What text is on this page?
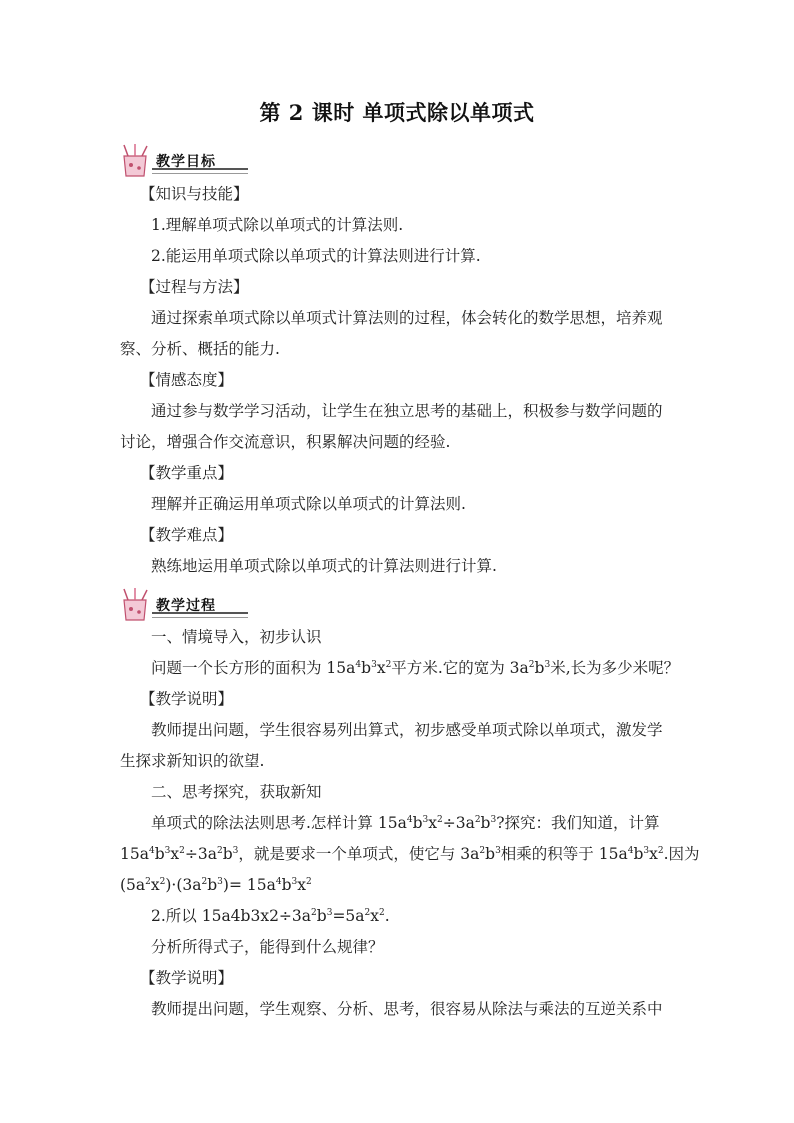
第 2 课时 单项式除以单项式
教学目标
【知识与技能】
1.理解单项式除以单项式的计算法则.
2.能运用单项式除以单项式的计算法则进行计算.
【过程与方法】
通过探索单项式除以单项式计算法则的过程，体会转化的数学思想，培养观
察、分析、概括的能力.
【情感态度】
通过参与数学学习活动，让学生在独立思考的基础上，积极参与数学问题的
讨论，增强合作交流意识，积累解决问题的经验.
【教学重点】
理解并正确运用单项式除以单项式的计算法则.
【教学难点】
熟练地运用单项式除以单项式的计算法则进行计算.
教学过程
一、情境导入，初步认识
问题一个长方形的面积为 $15a^4b^3x^2$平方米.它的宽为 $3a^2b^3$米,长为多少米呢？
【教学说明】
教师提出问题，学生很容易列出算式，初步感受单项式除以单项式，激发学
生探求新知识的欲望.
二、思考探究，获取新知
单项式的除法法则思考.怎样计算 $15a^4b^3x^2\div 3a^2b^3$?探究：我们知道，计算
$15a^4b^3x^2\div 3a^2b^3$，就是要求一个单项式，使它与 $3a^2b^3$相乘的积等于 $15a^4b^3x^2$.因为
$(5a^2x^2)\cdot(3a^2b^3)= 15a^4b^3x^2$
2.所以 $15a4b3x2\div 3a^2b^3=5a^2x^2$.
分析所得式子，能得到什么规律？
【教学说明】
教师提出问题，学生观察、分析、思考，很容易从除法与乘法的互逆关系中
